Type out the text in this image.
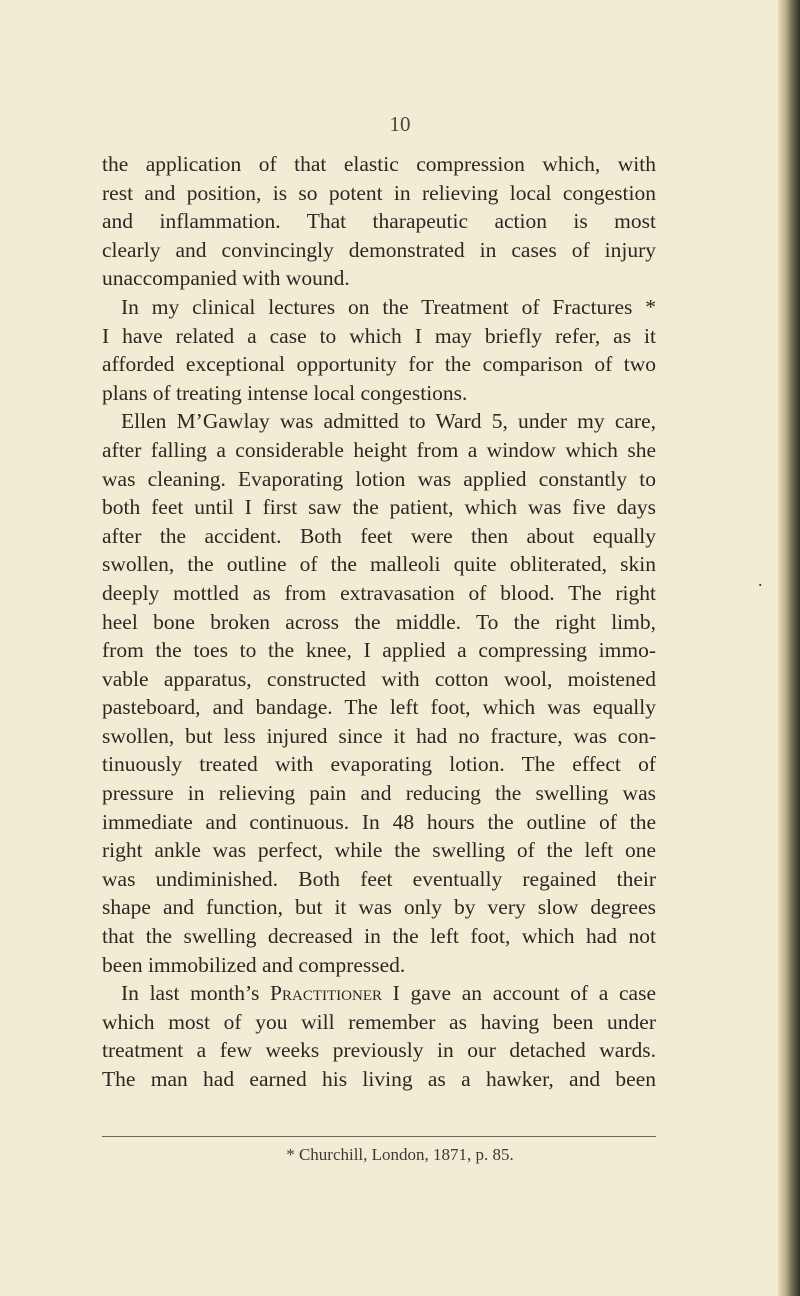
10
the application of that elastic compression which, with
rest and position, is so potent in relieving local congestion
and inflammation. That tharapeutic action is most
clearly and convincingly demonstrated in cases of injury
unaccompanied with wound.
In my clinical lectures on the Treatment of Fractures *
I have related a case to which I may briefly refer, as it
afforded exceptional opportunity for the comparison of two
plans of treating intense local congestions.
Ellen M’Gawlay was admitted to Ward 5, under my care,
after falling a considerable height from a window which she
was cleaning. Evaporating lotion was applied constantly to
both feet until I first saw the patient, which was five days
after the accident. Both feet were then about equally
swollen, the outline of the malleoli quite obliterated, skin
deeply mottled as from extravasation of blood. The right
heel bone broken across the middle. To the right limb,
from the toes to the knee, I applied a compressing immo-
vable apparatus, constructed with cotton wool, moistened
pasteboard, and bandage. The left foot, which was equally
swollen, but less injured since it had no fracture, was con-
tinuously treated with evaporating lotion. The effect of
pressure in relieving pain and reducing the swelling was
immediate and continuous. In 48 hours the outline of the
right ankle was perfect, while the swelling of the left one
was undiminished. Both feet eventually regained their
shape and function, but it was only by very slow degrees
that the swelling decreased in the left foot, which had not
been immobilized and compressed.
In last month’s Practitioner I gave an account of a case
which most of you will remember as having been under
treatment a few weeks previously in our detached wards.
The man had earned his living as a hawker, and been
* Churchill, London, 1871, p. 85.
.
